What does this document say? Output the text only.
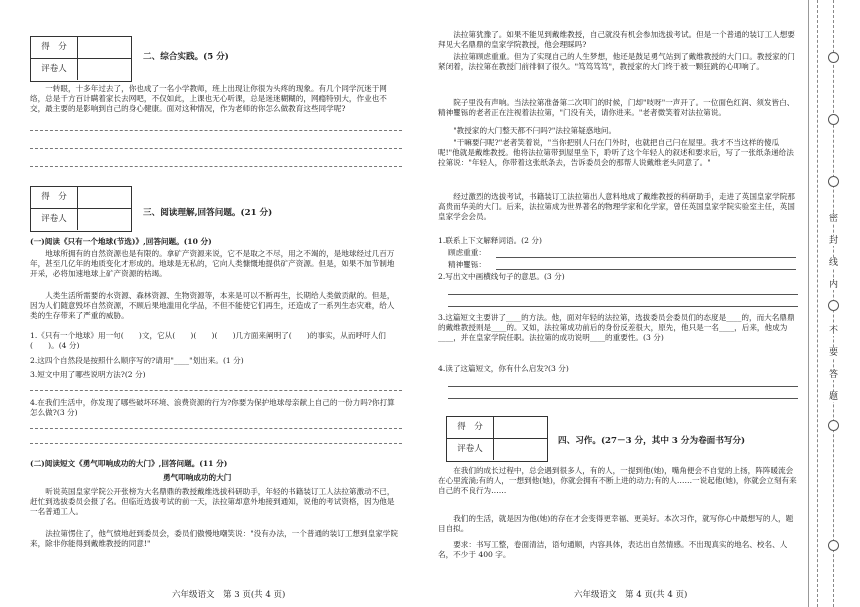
得　分
评卷人
二、综合实践。(5 分)
一转眼，十多年过去了，你也成了一名小学教师，班上出现让你很为头疼的现象。有几个同学沉迷于网络，总是千方百计瞒着家长去网吧，不仅如此，上课也无心听课，总是迷迷糊糊的，网瘾特别大，作业也不交，最主要的是影响到自己的身心健康。面对这种情况，作为老师的你怎么做教育这些同学呢?
得　分
评卷人
三、阅读理解,回答问题。(21 分)
(一)阅读《只有一个地球(节选)》,回答问题。(10 分)
地球所拥有的自然资源也是有限的。拿矿产资源来说，它不是取之不尽，用之不竭的，是地球经过几百万年，甚至几亿年的地质变化才形成的。地球是无私的，它向人类慷慨地提供矿产资源。但是，如果不加节制地开采，必将加速地球上矿产资源的枯竭。
人类生活所需要的水资源、森林资源、生物资源等，本来是可以不断再生，长期给人类做贡献的。但是，因为人们随意毁坏自然资源，不顾后果地滥用化学品，不但不能使它们再生，还造成了一系列生态灾难，给人类的生存带来了严重的威胁。
1.《只有一个地球》用一句(　　)文，它从(　　)(　　)(　　)几方面来阐明了(　　)的事实，从而呼吁人们(　　)。(4 分)
2.这四个自然段是按照什么顺序写的?请用"____"划出来。(1 分)
3.短文中用了哪些说明方法?(2 分)
4.在我们生活中，你发现了哪些破坏环境、浪费资源的行为?你要为保护地球母亲献上自己的一份力吗?你打算怎么做?(3 分)
(二)阅读短文《勇气叩响成功的大门》,回答问题。(11 分)
勇气叩响成功的大门
听说英国皇家学院公开张榜为大名鼎鼎的教授戴维选拔科研助手，年轻的书籍装订工人法拉第激动不已，赶忙到选拔委员会报了名。但临近选拔考试的前一天，法拉第却意外地接到通知，说他的考试资格，因为他是一名普通工人。
法拉第愣住了，他气愤地赶到委员会，委员们傲慢地嘲笑说："没有办法，一个普通的装订工想到皇家学院来，除非你能得到戴维教授的同意!"
六年级语文　第 3 页(共 4 页)
法拉第犹豫了。如果不能见到戴维教授，自己就没有机会参加选拔考试。但是一个普通的装订工人想要拜见大名鼎鼎的皇家学院教授，他会理睬吗?
法拉第顾虑重重。但为了实现自己的人生梦想，他还是鼓足勇气站到了戴维教授的大门口。教授家的门紧闭着，法拉第在教授门前徘徊了很久。"笃笃笃笃"，教授家的大门终于被一颗狂跳的心叩响了。
院子里没有声响。当法拉第准备第二次叩门的时候，门却"吱呀"一声开了。一位面色红润、须发皆白、精神矍铄的老者正在注视着法拉第，"门没有关，请你进来。"老者微笑着对法拉第说。
"教授家的大门整天都不闩吗?"法拉第疑惑地问。
"干嘛要闩呢?"老者笑着说，"当你把别人闩在门外时，也就把自己闩在屋里。我才不当这样的傻瓜呢!"他就是戴维教授。他将法拉第带到屋里坐下，聆听了这个年轻人的叙述和要求后，写了一张纸条递给法拉第说："年轻人，你带着这张纸条去，告诉委员会的那帮人说戴维老头同意了。"
经过激烈的选拔考试，书籍装订工法拉第出人意料地成了戴维教授的科研助手，走进了英国皇家学院那高贵而华美的大门。后来，法拉第成为世界著名的物理学家和化学家，曾任英国皇家学院实验室主任，英国皇家学会会员。
1.联系上下文解释词语。(2 分)
顾虑重重：
精神矍铄：
2.写出文中画横线句子的意思。(3 分)
3.这篇短文主要讲了____的方法。他，面对年轻的法拉第，选拔委员会委员们的态度是____的，而大名鼎鼎的戴维教授则是____的。又如，法拉第成功前后的身份反差很大，原先，他只是一名____，后来，他成为____，并在皇家学院任职。法拉第的成功说明____的重要性。(3 分)
4.读了这篇短文，你有什么启发?(3 分)
得　分
评卷人
四、习作。(27－3 分，其中 3 分为卷面书写分)
在我们的成长过程中，总会遇到很多人，有的人，一提到他(她)，嘴角便会不自觉的上扬，阵阵暖流会在心里流淌;有的人，一想到他(她)，你就会拥有不断上进的动力;有的人……一说起他(她)，你就会立刻有来自己的不良行为……
我们的生活，就是因为他(她)的存在才会变得更幸福、更美好。本次习作，就写你心中最想写的人，题目自拟。
要求：书写工整，卷面清洁，语句通顺，内容具体，表达出自然情感。不出现真实的地名、校名、人名，不少于 400 字。
六年级语文　第 4 页(共 4 页)
密
封
线
内
不
要
答
题
